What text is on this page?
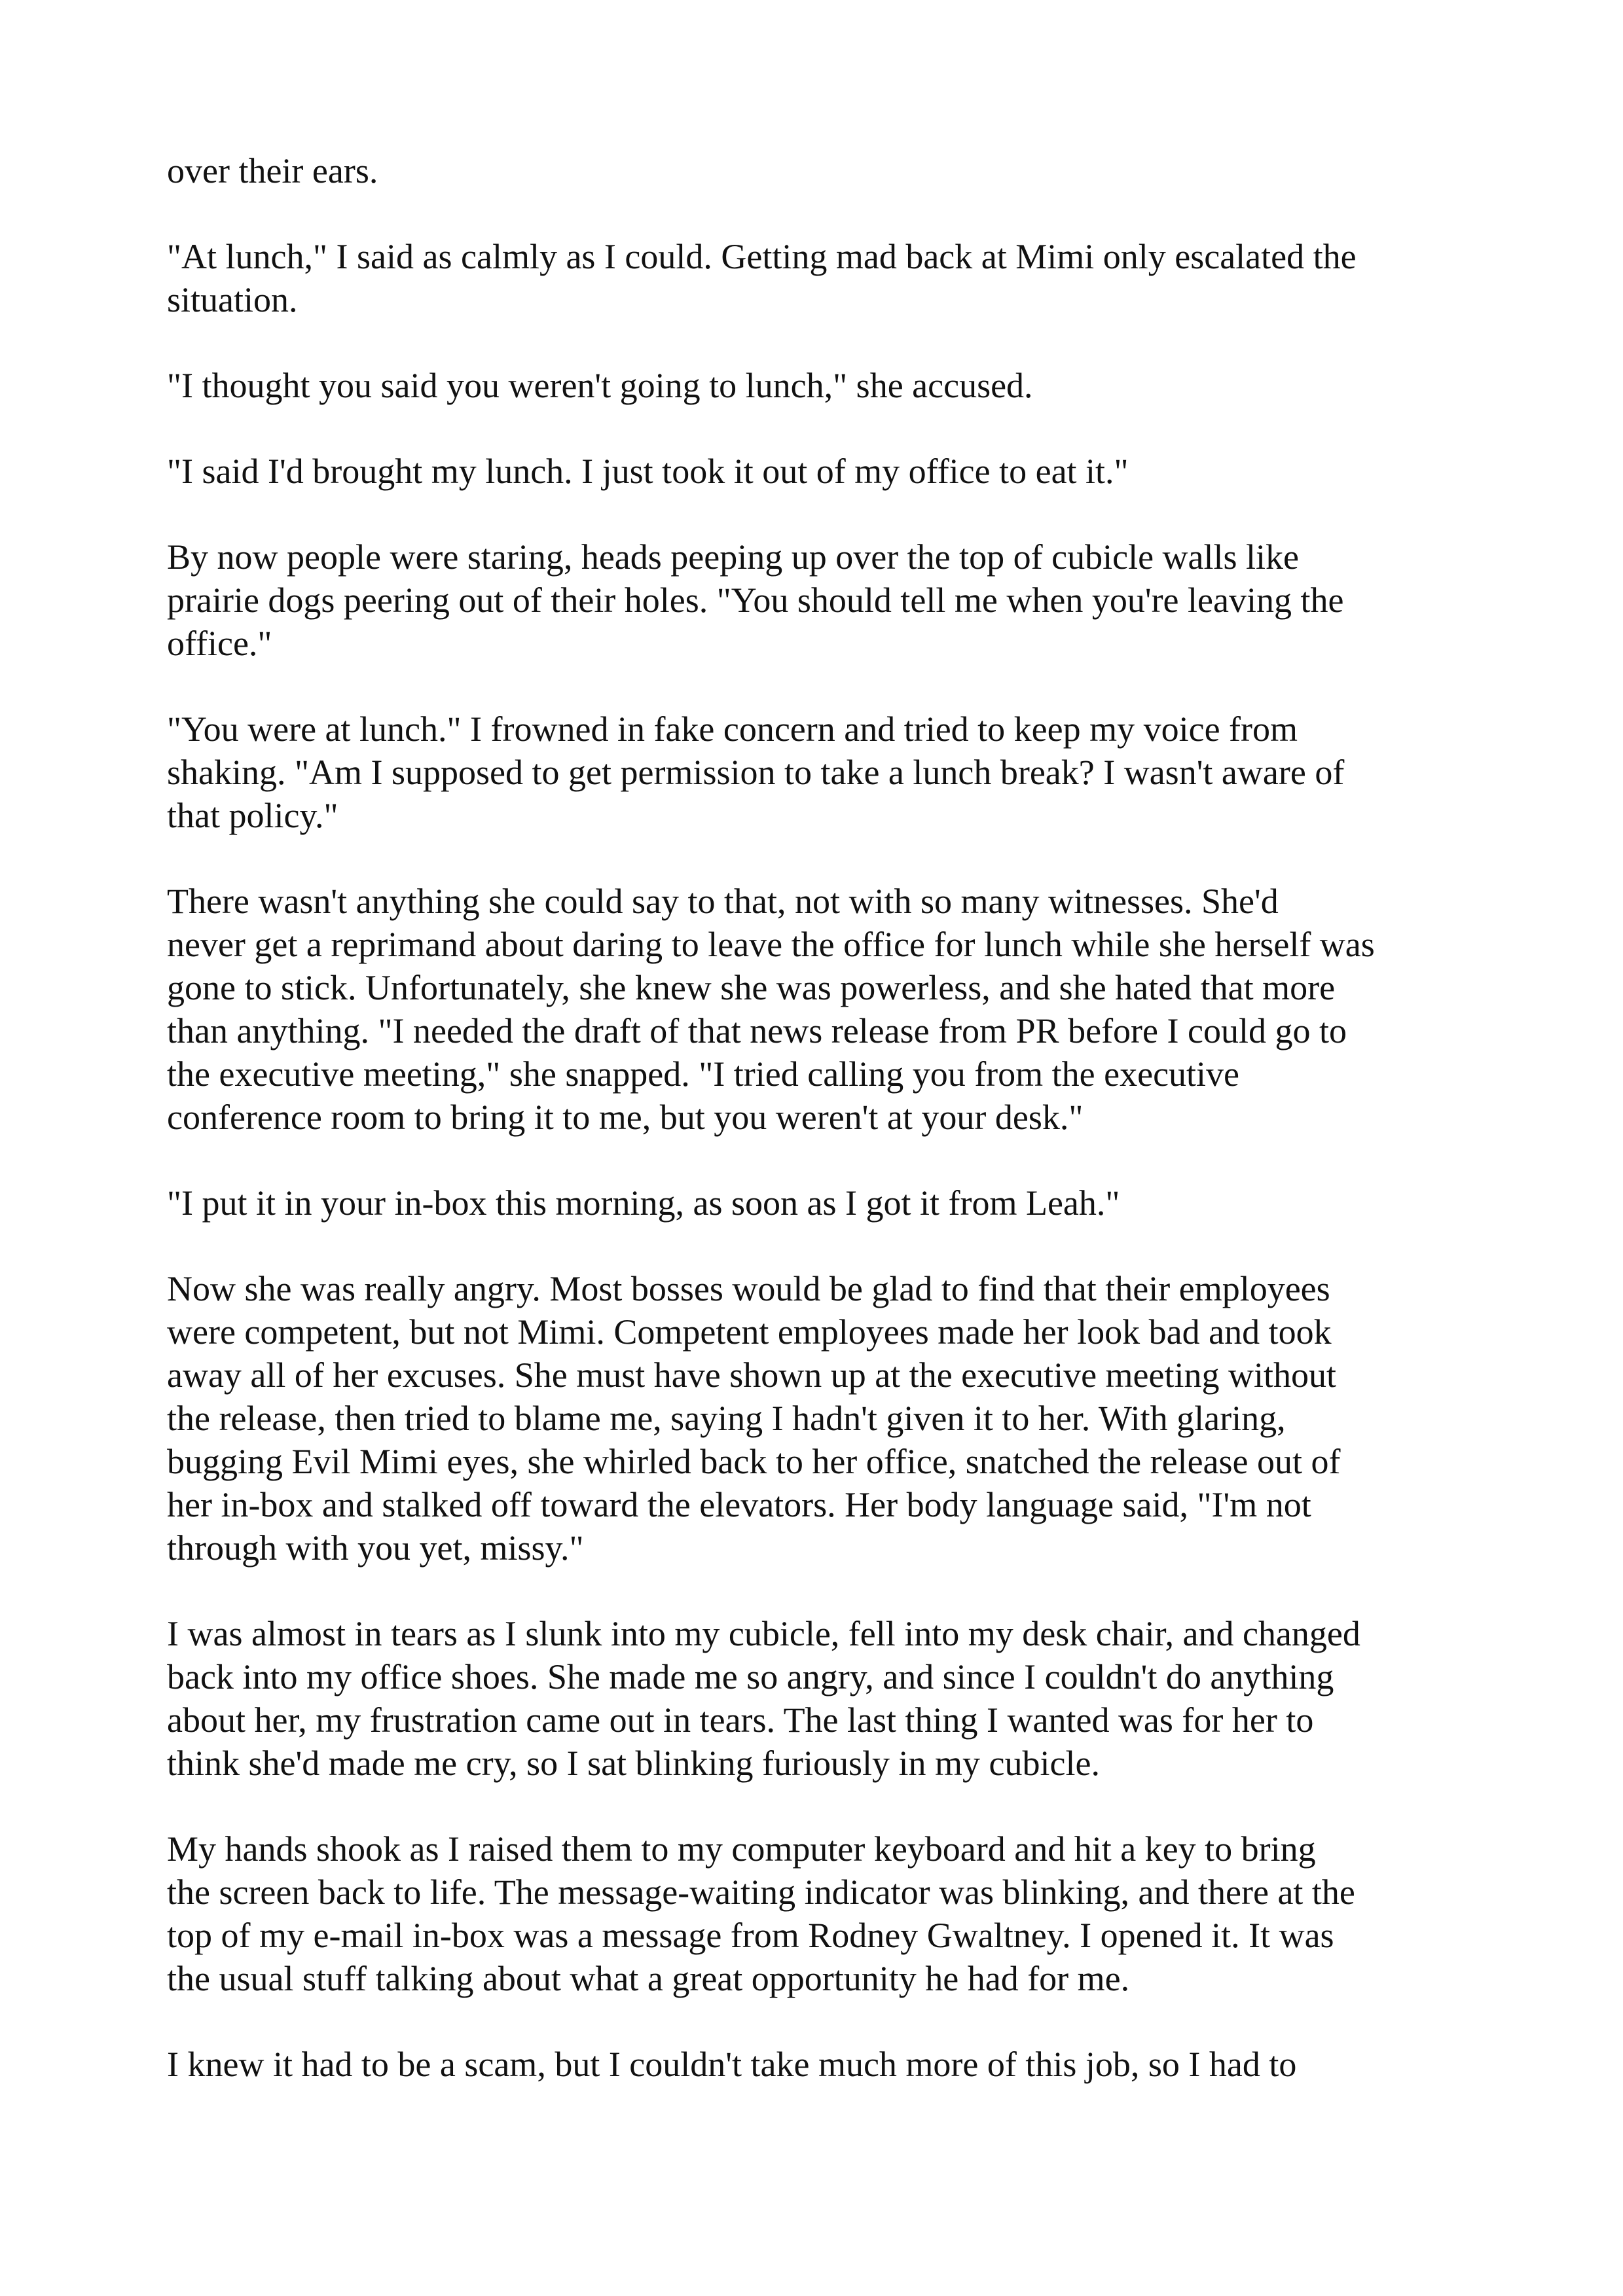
over their ears.

"At lunch," I said as calmly as I could. Getting mad back at Mimi only escalated the
situation.

"I thought you said you weren't going to lunch," she accused.

"I said I'd brought my lunch. I just took it out of my office to eat it."

By now people were staring, heads peeping up over the top of cubicle walls like
prairie dogs peering out of their holes. "You should tell me when you're leaving the
office."

"You were at lunch." I frowned in fake concern and tried to keep my voice from
shaking. "Am I supposed to get permission to take a lunch break? I wasn't aware of
that policy."

There wasn't anything she could say to that, not with so many witnesses. She'd
never get a reprimand about daring to leave the office for lunch while she herself was
gone to stick. Unfortunately, she knew she was powerless, and she hated that more
than anything. "I needed the draft of that news release from PR before I could go to
the executive meeting," she snapped. "I tried calling you from the executive
conference room to bring it to me, but you weren't at your desk."

"I put it in your in-box this morning, as soon as I got it from Leah."

Now she was really angry. Most bosses would be glad to find that their employees
were competent, but not Mimi. Competent employees made her look bad and took
away all of her excuses. She must have shown up at the executive meeting without
the release, then tried to blame me, saying I hadn't given it to her. With glaring,
bugging Evil Mimi eyes, she whirled back to her office, snatched the release out of
her in-box and stalked off toward the elevators. Her body language said, "I'm not
through with you yet, missy."

I was almost in tears as I slunk into my cubicle, fell into my desk chair, and changed
back into my office shoes. She made me so angry, and since I couldn't do anything
about her, my frustration came out in tears. The last thing I wanted was for her to
think she'd made me cry, so I sat blinking furiously in my cubicle.

My hands shook as I raised them to my computer keyboard and hit a key to bring
the screen back to life. The message-waiting indicator was blinking, and there at the
top of my e-mail in-box was a message from Rodney Gwaltney. I opened it. It was
the usual stuff talking about what a great opportunity he had for me.

I knew it had to be a scam, but I couldn't take much more of this job, so I had to
